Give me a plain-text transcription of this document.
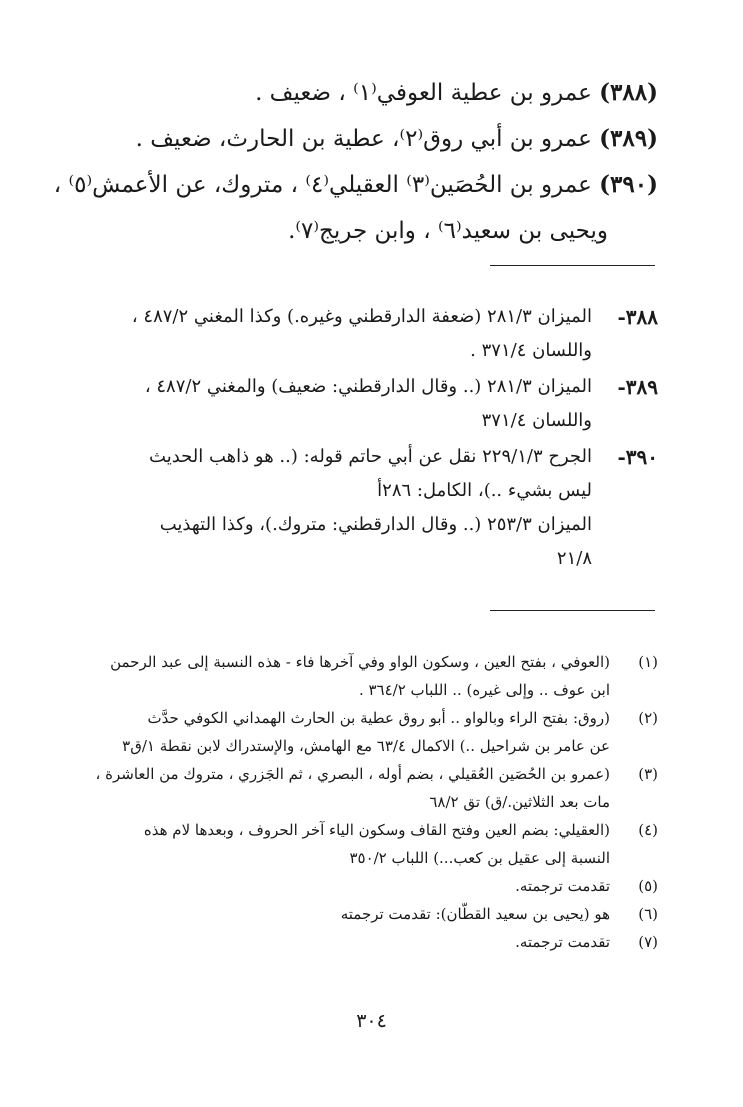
(٣٨٨) عمرو بن عطية العوفي⁽١⁾ ، ضعيف .
(٣٨٩) عمرو بن أبي روق⁽٢⁾، عطية بن الحارث، ضعيف .
(٣٩٠) عمرو بن الحُصَين⁽٣⁾ العقيلي⁽٤⁾ ، متروك، عن الأعمش⁽٥⁾ ،
ويحيى بن سعيد⁽٦⁾ ، وابن جريج⁽٧⁾.
٣٨٨-
الميزان ٢٨١/٣ (ضعفة الدارقطني وغيره.) وكذا المغني ٤٨٧/٢ ،
واللسان ٣٧١/٤ .
٣٨٩-
الميزان ٢٨١/٣ (.. وقال الدارقطني: ضعيف) والمغني ٤٨٧/٢ ،
واللسان ٣٧١/٤
٣٩٠-
الجرح ٢٢٩/١/٣ نقل عن أبي حاتم قوله: (.. هو ذاهب الحديث
ليس بشيء ..)، الكامل: ٢٨٦أ
الميزان ٢٥٣/٣ (.. وقال الدارقطني: متروك.)، وكذا التهذيب
٢١/٨
(١)
(العوفي ، بفتح العين ، وسكون الواو وفي آخرها فاء - هذه النسبة إلى عبد الرحمن
ابن عوف .. وإلى غيره) .. اللباب ٣٦٤/٢ .
(٢)
(روق: بفتح الراء وبالواو .. أبو روق عطية بن الحارث الهمداني الكوفي حدَّث
عن عامر بن شراحيل ..) الاكمال ٦٣/٤ مع الهامش، والإستدراك لابن نقطة ١/ق٣
(٣)
(عمرو بن الحُصَين العُقيلي ، بضم أوله ، البصري ، ثم الجَزري ، متروك من العاشرة ،
مات بعد الثلاثين./ق) تق ٦٨/٢
(٤)
(العقيلي: بضم العين وفتح القاف وسكون الياء آخر الحروف ، وبعدها لام هذه
النسبة إلى عقيل بن كعب...) اللباب ٣٥٠/٢
(٥)
تقدمت ترجمته.
(٦)
هو (يحيى بن سعيد القطّان): تقدمت ترجمته
(٧)
تقدمت ترجمته.
٣٠٤
